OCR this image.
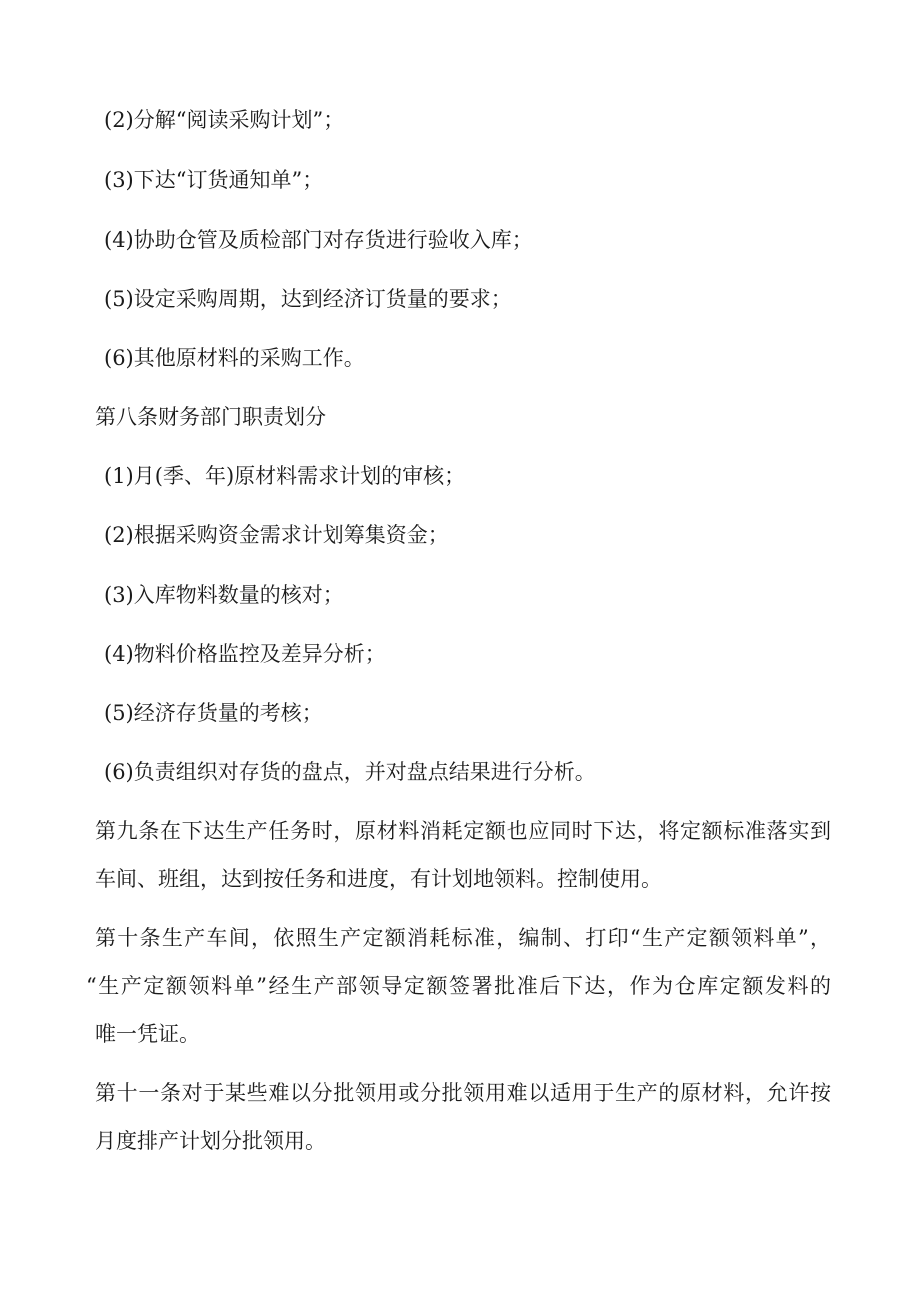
(2)分解“阅读采购计划”；
(3)下达“订货通知单”；
(4)协助仓管及质检部门对存货进行验收入库；
(5)设定采购周期，达到经济订货量的要求；
(6)其他原材料的采购工作。
第八条财务部门职责划分
(1)月(季、年)原材料需求计划的审核；
(2)根据采购资金需求计划筹集资金；
(3)入库物料数量的核对；
(4)物料价格监控及差异分析；
(5)经济存货量的考核；
(6)负责组织对存货的盘点，并对盘点结果进行分析。
第九条在下达生产任务时，原材料消耗定额也应同时下达，将定额标准落实到
车间、班组，达到按任务和进度，有计划地领料。控制使用。
第十条生产车间，依照生产定额消耗标准，编制、打印“生产定额领料单”，
“生产定额领料单”经生产部领导定额签署批准后下达，作为仓库定额发料的
唯一凭证。
第十一条对于某些难以分批领用或分批领用难以适用于生产的原材料，允许按
月度排产计划分批领用。
